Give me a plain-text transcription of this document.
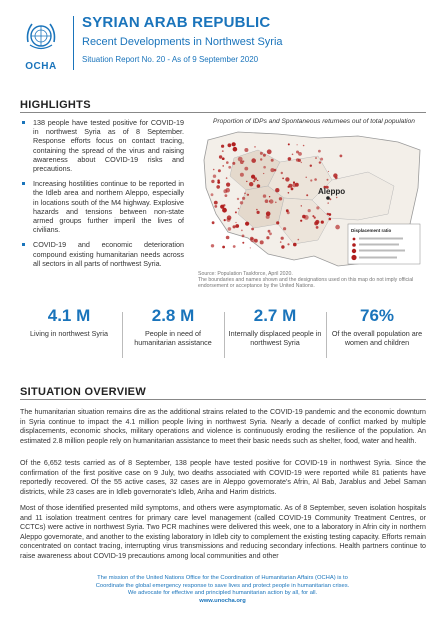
OCHA
SYRIAN ARAB REPUBLIC
Recent Developments in Northwest Syria
Situation Report No. 20 - As of 9 September 2020
HIGHLIGHTS
138 people have tested positive for COVID-19 in northwest Syria as of 8 September. Response efforts focus on contact tracing, containing the spread of the virus and raising awareness about COVID-19 risks and precautions.
Increasing hostilities continue to be reported in the Idleb area and northern Aleppo, especially in locations south of the M4 highway. Explosive hazards and tensions between non-state armed groups further imperil the lives of civilians.
COVID-19 and economic deterioration compound existing humanitarian needs across all sectors in all parts of northwest Syria.
Proportion of IDPs and Spontaneous returnees out of total population
Aleppo
Displacement ratio
Source: Population Taskforce, April 2020.
The boundaries and names shown and the designations used on this map do not imply official endorsement or acceptance by the United Nations.
4.1 M
Living in northwest Syria
2.8 M
People in need of humanitarian assistance
2.7 M
Internally displaced people in northwest Syria
76%
Of the overall population are women and children
SITUATION OVERVIEW

The humanitarian situation remains dire as the additional strains related to the COVID-19 pandemic and the economic downturn in Syria continue to impact the 4.1 million people living in northwest Syria. Nearly a decade of conflict marked by multiple displacements, economic shocks, military operations and violence is continuously eroding the resilience of the population. An estimated 2.8 million people rely on humanitarian assistance to meet their basic needs such as shelter, food, water and health.

Of the 6,652 tests carried as of 8 September, 138 people have tested positive for COVID-19 in northwest Syria. Since the confirmation of the first positive case on 9 July, two deaths associated with COVID-19 were reported while 81 patients have reportedly recovered. Of the 55 active cases, 32 cases are in Aleppo governorate's Afrin, Al Bab, Jarablus and Jebel Saman districts, while 23 cases are in Idleb governorate's Idleb, Ariha and Harim districts.

Most of those identified presented mild symptoms, and others were asymptomatic. As of 8 September, seven isolation hospitals and 11 isolation treatment centres for primary care level management (called COVID-19 Community Treatment Centres, or CCTCs) were active in northwest Syria. Two PCR machines were delivered this week, one to a laboratory in Afrin city in northern Aleppo governorate, and another to the existing laboratory in Idleb city to complement the existing testing capacity. Efforts remain concentrated on contact tracing, interrupting virus transmissions and reducing secondary infections. Health partners continue to raise awareness about COVID-19 precautions among local communities and other

The mission of the United Nations Office for the Coordination of Humanitarian Affairs (OCHA) is to
Coordinate the global emergency response to save lives and protect people in humanitarian crises.
We advocate for effective and principled humanitarian action by all, for all.
www.unocha.org
